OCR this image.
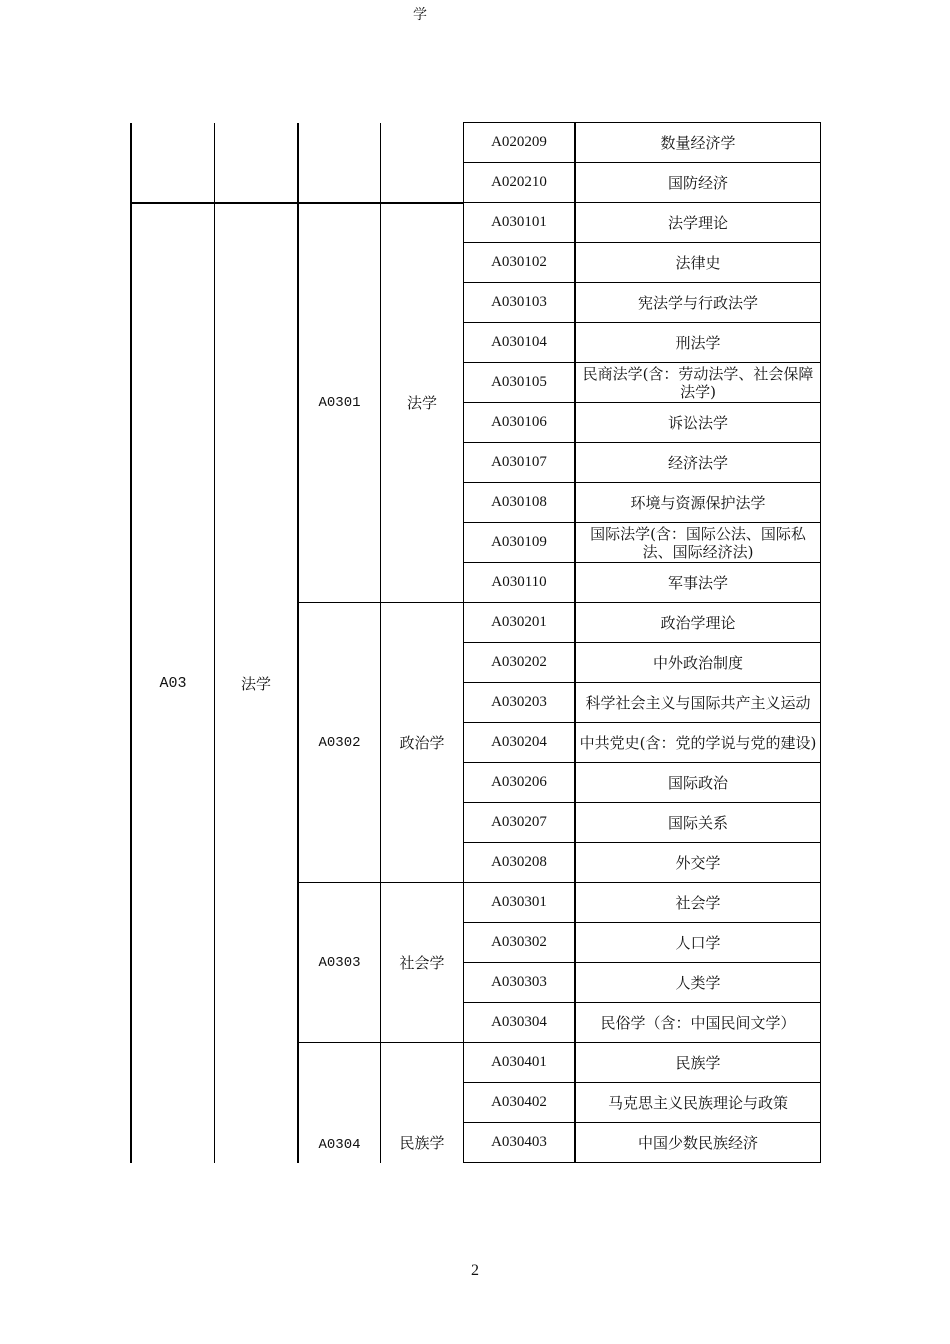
学
				A020209	数量经济学
				A020210	国防经济
A03	法学	A0301	法学	A030101	法学理论
				A030102	法律史
				A030103	宪法学与行政法学
				A030104	刑法学
				A030105	民商法学(含：劳动法学、社会保障法学)
				A030106	诉讼法学
				A030107	经济法学
				A030108	环境与资源保护法学
				A030109	国际法学(含：国际公法、国际私法、国际经济法)
				A030110	军事法学
		A0302	政治学	A030201	政治学理论
				A030202	中外政治制度
				A030203	科学社会主义与国际共产主义运动
				A030204	中共党史(含：党的学说与党的建设)
				A030206	国际政治
				A030207	国际关系
				A030208	外交学
		A0303	社会学	A030301	社会学
				A030302	人口学
				A030303	人类学
				A030304	民俗学（含：中国民间文学）
		A0304	民族学	A030401	民族学
				A030402	马克思主义民族理论与政策
				A030403	中国少数民族经济
2
